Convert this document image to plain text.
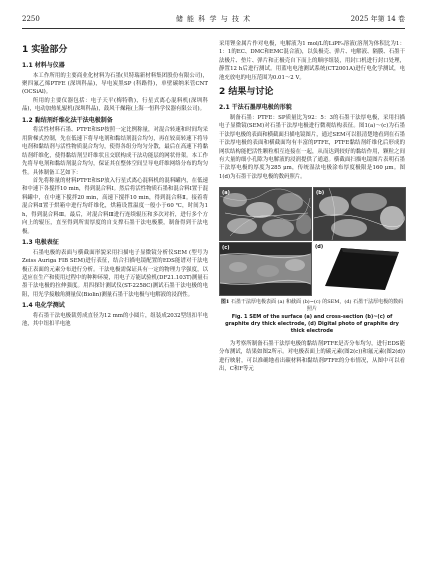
2250	储 能 科 学 与 技 术	2025 年第 14 卷
1 实验部分
1.1 材料与仪器

本工作所用的主要商业化材料为石墨(贝特瑞新材料集团股份有限公司)，聚四氟乙烯PTFE (深圳科晶)，导电炭黑SP (科路得)，单壁碳纳米管CNT (OCSiAl)。

所用的主要仪器包括：电子天平(梅特勒)，行星式离心混料机(深圳科晶)，电动加热轧辊机(深圳科晶)，鼓风干燥箱(上海一恒科学仪器有限公司)。

1.2 黏结剂纤维化法干法电极制备

将活性材料石墨、PTFE和SP按照一定比例称量，对混合转速和时间均采用阶梯式控制，先在低速下将导电剂和黏结剂混合均匀，再在较高转速下将导电剂和黏结剂与活性物质混合均匀，使得各组分均匀分散，最后在高速下将黏结剂纤维化，使得黏结剂呈纤维状且交联构成干法功能层的网状骨架。本工作先将导电剂和黏结剂混合均匀，保证其在整体空间呈导电纤维网络分布的均匀性。具体制备工艺如下：

首先将称量的材料PTFE和SP放入行星式离心混料机的混料罐内，在低速和中速下各搅拌10 min，得到混合料Ⅰ。然后将活性物质石墨和混合料Ⅰ置于混料罐中，在中速下搅拌20 min，高速下搅拌10 min，得到混合料Ⅱ。接着将混合料Ⅱ置于烘箱中进行均纤维化，烘箱设置温度一般小于60 ℃，时间为1 h，得到混合料Ⅲ。最后，对混合料Ⅲ进行连续辊压和多次对折，进行多个方向上的辊压，直至得到所需厚度的自支撑石墨干法电极膜，制备得到干法电极。

1.3 电极表征

石墨电极的表面与横截面形貌采用扫描电子显微镜分析仪SEM (型号为Zeiss Auriga FIB SEM)进行表征，结合扫描电镜配置的EDS能谱对干法电极正表面的元素分布进行分析。干法电极需保证具有一定的物理力学强度，以适应在生产和使用过程中的种种环境，用电子万能试验机(DF21.103T)测量石墨干法电极的拉伸强度。用四探针测试仪(ST-2258C)测试石墨干法电极的电阻，用光学接触角测量仪(Biolin)测量石墨干法电极与电解液的浸润性。

1.4 电化学测试

将石墨干法电极裁剪成直径为12 mm的小圆片，组装成2032型纽扣半电池，其中纽扣半电池

采用锂金属片作对电极，电解液为1 mol/L的LiPF₆溶液(溶剂为体积比为1：1：1的EC、DMC和EMC混合液)，以负极壳、弹片、电解液、隔膜、石墨干法极片、垫片、弹片和正极壳自下而上的顺序组装，用封口机进行封口处理，静置12 h后进行测试。用蓝电电池测试系统(CT2001A)进行电化学测试，电池充放电的电压范围为0.01～2 V。

2 结果与讨论
2.1 干法石墨厚电极的形貌

制备石墨：PTFE：SP质量比为92：5：3的石墨干法厚电极，采用扫描电子显微镜(SEM)对石墨干法厚电极进行微观结构表征。图1(a)～(c)为石墨干法厚电极的表面和横截面扫描电镜图片，通过SEM可以很清楚地看到在石墨干法厚电极的表面和横截面均有丰富的PTFE，PTFE黏结剂纤维化后形成的网状结构能把活性颗粒相互连接在一起，从而达到较好的黏结作用，颗粒之间有大量的细小孔隙为电解液的浸润提供了通道。横截面扫描电镜图片表明石墨干法厚电极的厚度为285 μm，传统湿法电极涂布厚度极限是160 μm。图1(d)为石墨干法厚电极的数码照片。

(a)	(b)
(c)	(d)
图1 石墨干法厚电极表面 (a) 和截面 (b)~(c) 的SEM，(d) 石墨干法厚电极的数码照片
Fig. 1 SEM of the surface (a) and cross-section (b)~(c) of graphite dry thick electrode, (d) Digital photo of graphite dry thick electrode

为考察所制备石墨干法厚电极的黏结剂PTFE是否分布均匀，进行EDS能分布测试，结果如图2所示。对电极表面上的碳元素(图2(c))和氟元素(图2(d))进行映射，可以准确地看出碳材料和黏结剂PTFE的分布情况，从图中可以看出，C和F等元
